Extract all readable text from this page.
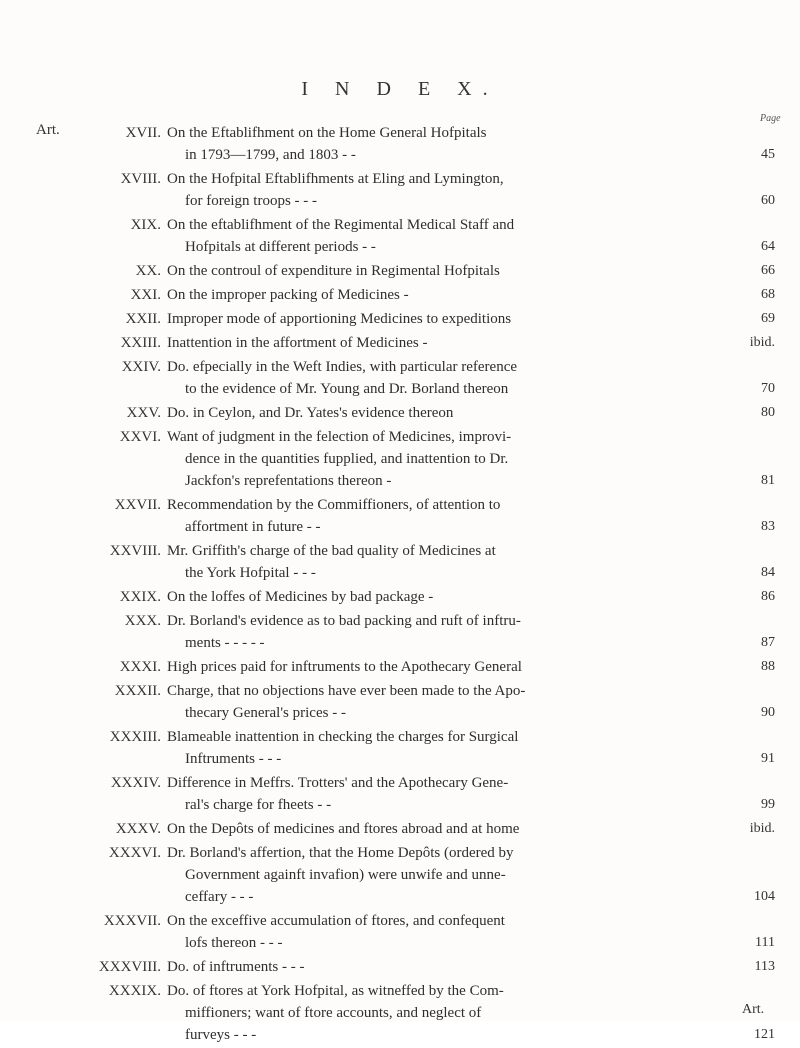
I N D E X.
Art.
Page
XVII. On the Eftablifhment on the Home General Hofpitals
in 1793—1799, and 1803 - -	45
XVIII. On the Hofpital Eftablifhments at Eling and Lymington,
for foreign troops - - -	60
XIX. On the eftablifhment of the Regimental Medical Staff and
Hofpitals at different periods - -	64
XX. On the controul of expenditure in Regimental Hofpitals	66
XXI. On the improper packing of Medicines -	68
XXII. Improper mode of apportioning Medicines to expeditions	69
XXIII. Inattention in the affortment of Medicines -	ibid.
XXIV. Do. efpecially in the Weft Indies, with particular reference
to the evidence of Mr. Young and Dr. Borland thereon	70
XXV. Do. in Ceylon, and Dr. Yates's evidence thereon	80
XXVI. Want of judgment in the felection of Medicines, improvi-
dence in the quantities fupplied, and inattention to Dr.
Jackfon's reprefentations thereon -	81
XXVII. Recommendation by the Commiffioners, of attention to
affortment in future - -	83
XXVIII. Mr. Griffith's charge of the bad quality of Medicines at
the York Hofpital - - -	84
XXIX. On the loffes of Medicines by bad package -	86
XXX. Dr. Borland's evidence as to bad packing and ruft of inftru-
ments - - - - -	87
XXXI. High prices paid for inftruments to the Apothecary General	88
XXXII. Charge, that no objections have ever been made to the Apo-
thecary General's prices - -	90
XXXIII. Blameable inattention in checking the charges for Surgical
Inftruments - - -	91
XXXIV. Difference in Meffrs. Trotters' and the Apothecary Gene-
ral's charge for fheets - -	99
XXXV. On the Depôts of medicines and ftores abroad and at home	ibid.
XXXVI. Dr. Borland's affertion, that the Home Depôts (ordered by
Government againft invafion) were unwife and unne-
ceffary - - -	104
XXXVII. On the exceffive accumulation of ftores, and confequent
lofs thereon - - -	111
XXXVIII. Do. of inftruments - - -	113
XXXIX. Do. of ftores at York Hofpital, as witneffed by the Com-
miffioners; want of ftore accounts, and neglect of
furveys - - -	121
Art.
